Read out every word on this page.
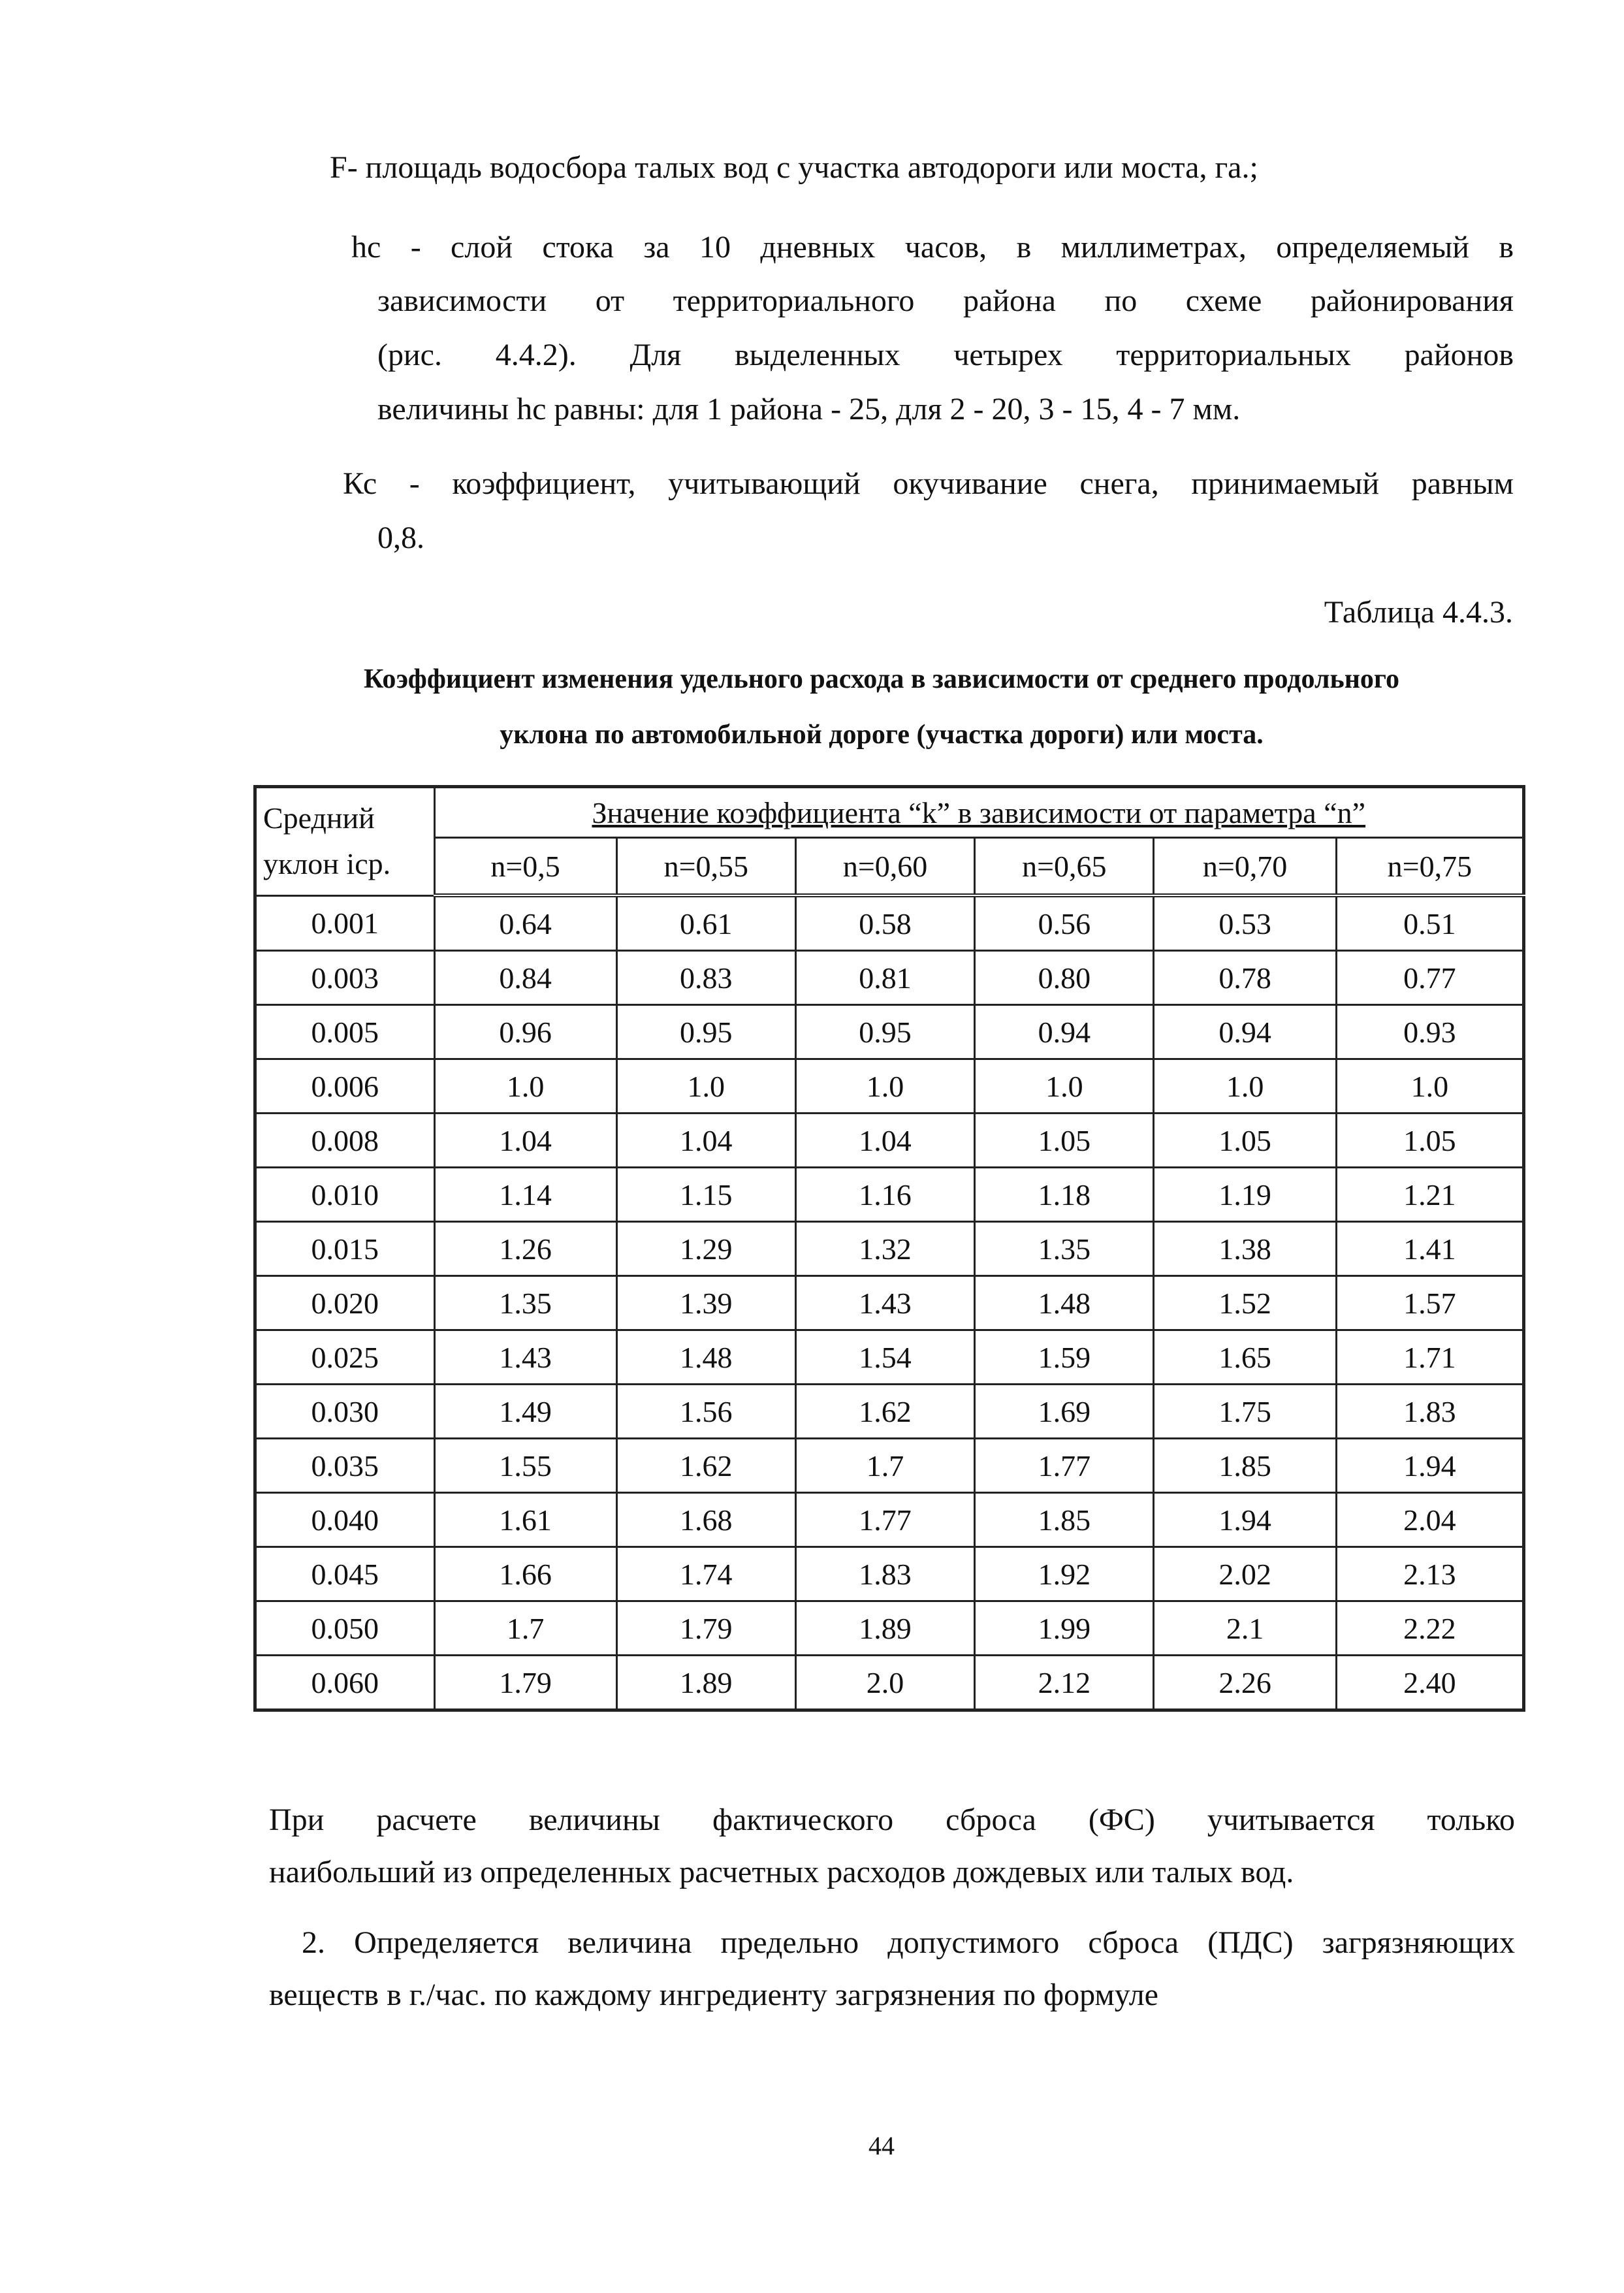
F- площадь водосбора талых вод с участка автодороги или моста, га.;
hc - слой стока за 10 дневных часов, в миллиметрах, определяемый в
зависимости от территориального района по схеме районирования
(рис. 4.4.2). Для выделенных четырех территориальных районов
величины hc равны: для 1 района - 25, для 2 - 20, 3 - 15, 4 - 7 мм.
Кс - коэффициент, учитывающий окучивание снега, принимаемый равным
0,8.
Таблица 4.4.3.
Коэффициент изменения удельного расхода в зависимости от среднего продольного
уклона по автомобильной дороге (участка дороги) или моста.
Средний уклон iср.	Значение коэффициента “k” в зависимости от параметра “n”					
	n=0,5	n=0,55	n=0,60	n=0,65	n=0,70	n=0,75
0.001	0.64	0.61	0.58	0.56	0.53	0.51
0.003	0.84	0.83	0.81	0.80	0.78	0.77
0.005	0.96	0.95	0.95	0.94	0.94	0.93
0.006	1.0	1.0	1.0	1.0	1.0	1.0
0.008	1.04	1.04	1.04	1.05	1.05	1.05
0.010	1.14	1.15	1.16	1.18	1.19	1.21
0.015	1.26	1.29	1.32	1.35	1.38	1.41
0.020	1.35	1.39	1.43	1.48	1.52	1.57
0.025	1.43	1.48	1.54	1.59	1.65	1.71
0.030	1.49	1.56	1.62	1.69	1.75	1.83
0.035	1.55	1.62	1.7	1.77	1.85	1.94
0.040	1.61	1.68	1.77	1.85	1.94	2.04
0.045	1.66	1.74	1.83	1.92	2.02	2.13
0.050	1.7	1.79	1.89	1.99	2.1	2.22
0.060	1.79	1.89	2.0	2.12	2.26	2.40
При расчете величины фактического сброса (ФС) учитывается только
наибольший из определенных расчетных расходов дождевых или талых вод.
2. Определяется величина предельно допустимого сброса (ПДС) загрязняющих
веществ в г./час. по каждому ингредиенту загрязнения по формуле
44
